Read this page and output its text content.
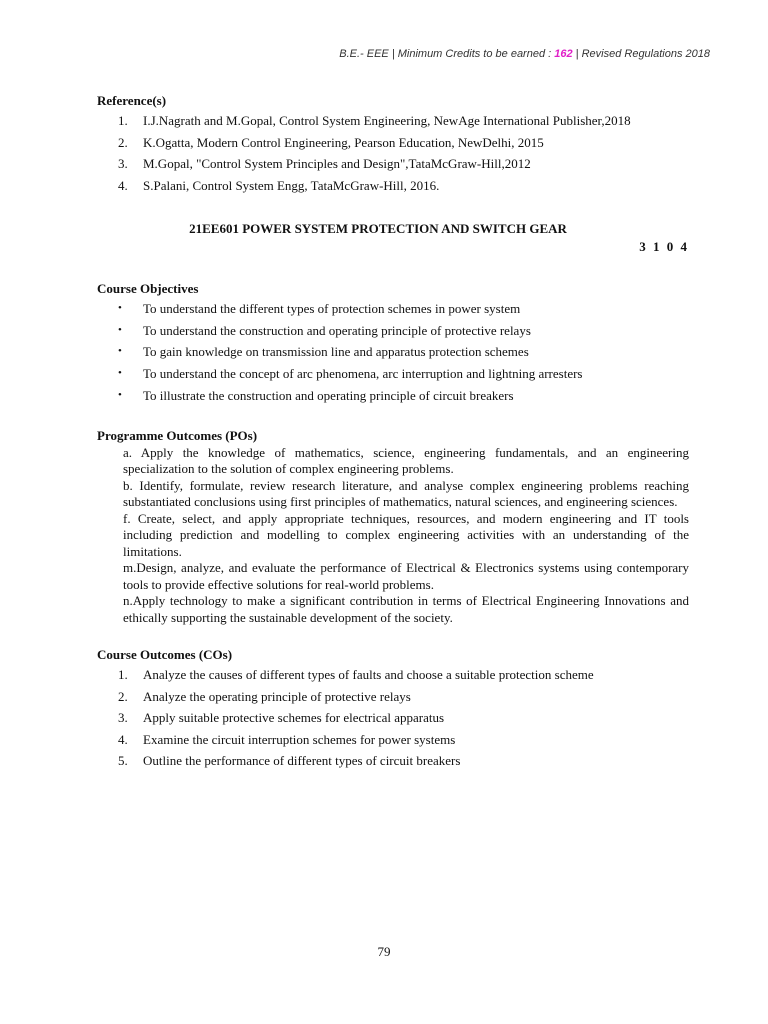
B.E.- EEE | Minimum Credits to be earned : 162 | Revised Regulations 2018
Reference(s)
1. I.J.Nagrath and M.Gopal, Control System Engineering, NewAge International Publisher,2018
2. K.Ogatta, Modern Control Engineering, Pearson Education, NewDelhi, 2015
3. M.Gopal, "Control System Principles and Design",TataMcGraw-Hill,2012
4. S.Palani, Control System Engg, TataMcGraw-Hill, 2016.
21EE601 POWER SYSTEM PROTECTION AND SWITCH GEAR
3 1 0 4
Course Objectives
• To understand the different types of protection schemes in power system
• To understand the construction and operating principle of protective relays
• To gain knowledge on transmission line and apparatus protection schemes
• To understand the concept of arc phenomena, arc interruption and lightning arresters
• To illustrate the construction and operating principle of circuit breakers
Programme Outcomes (POs)

a. Apply the knowledge of mathematics, science, engineering fundamentals, and an engineering specialization to the solution of complex engineering problems.

b. Identify, formulate, review research literature, and analyse complex engineering problems reaching substantiated conclusions using first principles of mathematics, natural sciences, and engineering sciences.

f. Create, select, and apply appropriate techniques, resources, and modern engineering and IT tools including prediction and modelling to complex engineering activities with an understanding of the limitations.

m.Design, analyze, and evaluate the performance of Electrical & Electronics systems using contemporary tools to provide effective solutions for real-world problems.

n.Apply technology to make a significant contribution in terms of Electrical Engineering Innovations and ethically supporting the sustainable development of the society.

Course Outcomes (COs)
1. Analyze the causes of different types of faults and choose a suitable protection scheme
2. Analyze the operating principle of protective relays
3. Apply suitable protective schemes for electrical apparatus
4. Examine the circuit interruption schemes for power systems
5. Outline the performance of different types of circuit breakers
79
